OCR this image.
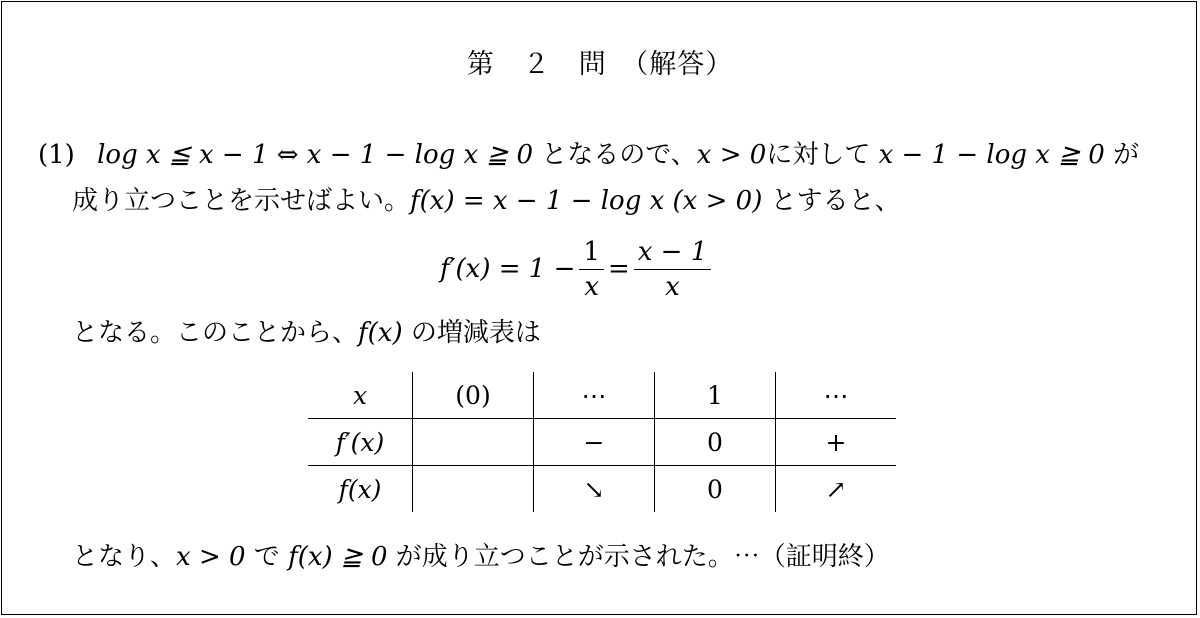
第　２　問　（解答）
(1) log x ≦ x − 1 ⇔ x − 1 − log x ≧ 0 となるので、x > 0に対して x − 1 − log x ≧ 0 が
成り立つことを示せばよい。f(x) = x − 1 − log x (x > 0) とすると、
$f'(x) = 1 - \frac{1}{x} = \frac{x - 1}{x}$
となる。このことから、f(x) の増減表は
x	(0)	⋯	1	⋯
f′(x)		−	0	+
f(x)		↘	0	↗
となり、x > 0 で f(x) ≧ 0 が成り立つことが示された。⋯（証明終）
